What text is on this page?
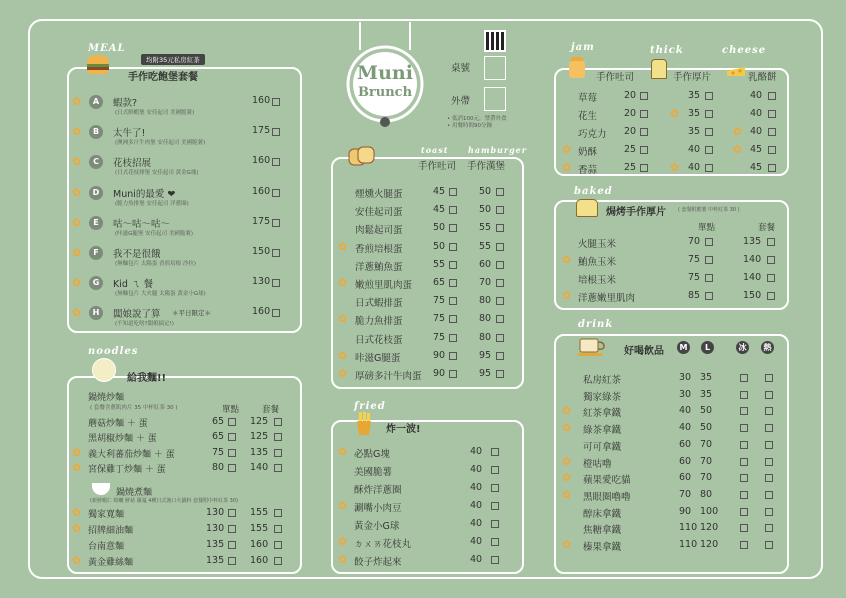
Muni
Brunch
桌號
外帶
• 低消100元，禁帶外食
• 用餐時間90分鐘
MEAL
均附35元私房紅茶
手作吃飽堡套餐
noodles
給我麵!!
鍋燒炒麵
( 套餐含蔥肌肉片 35 中杯紅茶 30 )	單點	套餐
鍋燒煮麵
(新鮮蝦仁 蛤蠣 鮮菇 蘿蔓 4種日式漁口火鍋料 套餐附中杯紅茶 30)
toast hamburger
手作吐司 手作漢堡
fried
炸一波!
jam	thick	cheese
手作吐司	手作厚片	乳酪餅
baked
焗烤手作厚片 ( 套餐附脆薯 中杯紅茶 30 )
單點	套餐
drink
好喝飲品	M	L	冰	熱
✿	A	蝦款?
(日式鮮蝦堡 安佳起司 美國脆薯)
160
✿	B	太牛了!
(澳洲多汁牛肉堡 安佳起司 美國脆薯)
175
✿	C	花枝招展
(日式花枝排堡 安佳起司 黃金G塊)
160
✿	D	Muni的最愛 ❤
(脆力魚排堡 安佳起司 洋蔥圈)
160
✿	E	咕～咕～咕～
(咔滋G腿堡 安佳起司 美國脆薯)
175
✿	F	我不是很餓
(無麵包片 太陽蛋 香煎培根 沙拉)
150
✿	G	Kid ㄟ 餐
(無麵包片 大火腿 太陽蛋 黃金小G球)
130
✿	H	闆娘說了算 ＊平日限定＊
(不知道吃啥?闆娘搞定!)
160
蘑菇炒麵 ＋ 蛋	65	125
黑胡椒炒麵 ＋ 蛋	65	125
✿ 義大利蕃茄炒麵 ＋ 蛋	75	135
✿ 宮保雞丁炒麵 ＋ 蛋	80	140
✿ 獨家寬麵	130	155
✿ 招牌細油麵	130	155
台南意麵	135	160
✿ 黃金雞絲麵	135	160
煙燻火腿蛋	45	50
安佳起司蛋	45	50
肉鬆起司蛋	50	55
✿ 香煎培根蛋	50	55
洋蔥鮪魚蛋	55	60
✿ 嫩煎里肌肉蛋 65	70
日式蝦排蛋	75	80
✿ 脆力魚排蛋	75	80
日式花枝蛋	75	80
✿ 咔滋G腿蛋	90	95
✿ 厚磅多汁牛肉蛋 90	95
✿ 必點G塊	40
美國脆薯	40
酥炸洋蔥圈	40
✿ 涮嘴小肉豆	40
黃金小G球	40
✿ ㄉㄨㄞ花枝丸	40
✿ 餃子炸起來	40
草莓	20	35	40
花生	20	✿ 35	40
巧克力 20	35	✿ 40
✿ 奶酥	25	40	✿ 45
✿ 香蒜	25	✿ 40	45
火腿玉米	70	135
✿ 鮪魚玉米	75	140
培根玉米	75	140
✿ 洋蔥嫩里肌肉	85	150
私房紅茶	30 35
獨家綠茶	30 35
✿ 紅茶拿鐵	40 50
✿ 綠茶拿鐵	40 50
可可拿鐵	60 70
✿ 橙咕嚕	60 70
✿ 蘋果愛吃貓	60 70
✿ 黑眼圈嚕嚕	70 80
醇床拿鐵	90 100
焦糖拿鐵	110 120
✿ 榛果拿鐵	110 120
